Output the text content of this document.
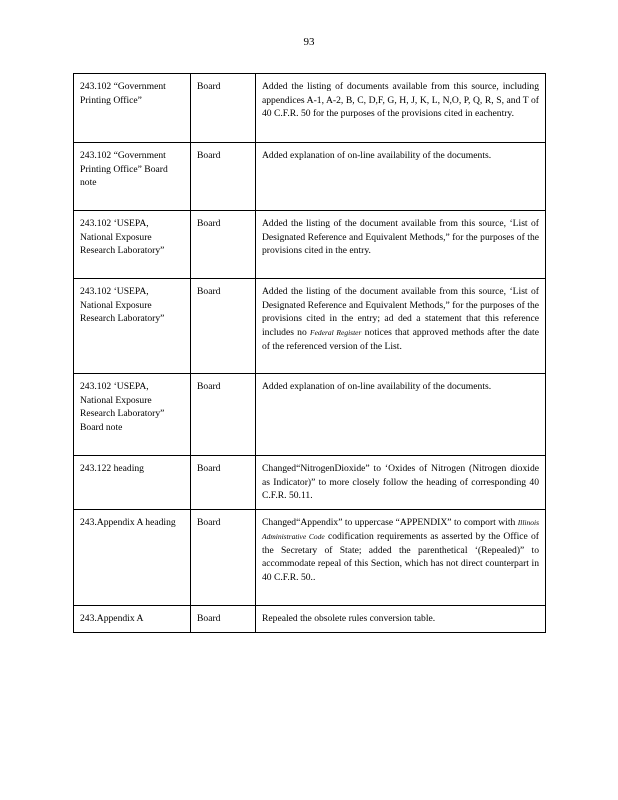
93
243.102 “Government Printing Office”	Board	Added the listing of documents available from this source, including appendices A-1, A-2, B, C, D,F, G, H, J, K, L, N,O, P, Q, R, S, and T of 40 C.F.R. 50 for the purposes of the provisions cited in eachentry.
243.102 “Government Printing Office” Board note	Board	Added explanation of on-line availability of the documents.
243.102 ‘USEPA, National Exposure Research Laboratory”	Board	Added the listing of the document available from this source, ‘List of Designated Reference and Equivalent Methods,” for the purposes of the provisions cited in the entry.
243.102 ‘USEPA, National Exposure Research Laboratory”	Board	Added the listing of the document available from this source, ‘List of Designated Reference and Equivalent Methods,” for the purposes of the provisions cited in the entry; ad ded a statement that this reference includes no Federal Register notices that approved methods after the date of the referenced version of the List.
243.102 ‘USEPA, National Exposure Research Laboratory” Board note	Board	Added explanation of on-line availability of the documents.
243.122 heading	Board	Changed“NitrogenDioxide” to ‘Oxides of Nitrogen (Nitrogen dioxide as Indicator)” to more closely follow the heading of corresponding 40 C.F.R. 50.11.
243.Appendix A heading	Board	Changed“Appendix” to uppercase “APPENDIX” to comport with Illinois Administrative Code codification requirements as asserted by the Office of the Secretary of State; added the parenthetical ‘(Repealed)” to accommodate repeal of this Section, which has not direct counterpart in 40 C.F.R. 50..
243.Appendix A	Board	Repealed the obsolete rules conversion table.
